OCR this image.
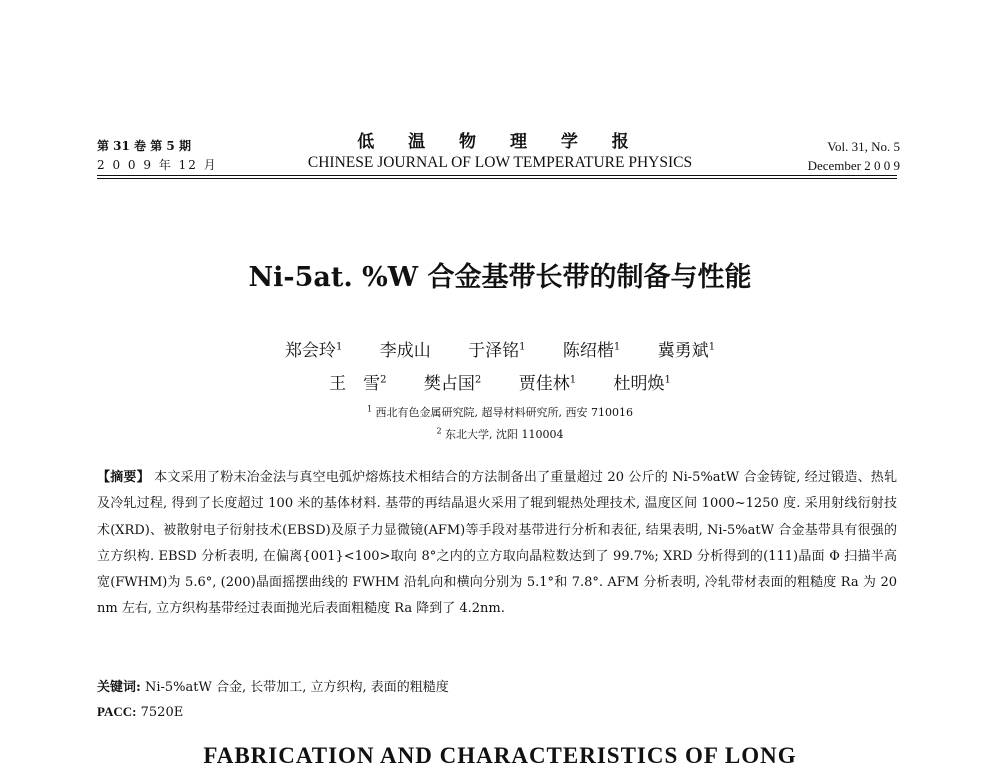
第 31 卷 第 5 期
2 0 0 9 年 12 月
低 温 物 理 学 报
CHINESE JOURNAL OF LOW TEMPERATURE PHYSICS
Vol. 31, No. 5
December 2 0 0 9
Ni-5at. %W 合金基带长带的制备与性能
郑会玲$^1$ 李成山 于泽铭$^1$ 陈绍楷$^1$ 冀勇斌$^1$
王　雪$^2$ 樊占国$^2$ 贾佳林$^1$ 杜明焕$^1$
$^1$ 西北有色金属研究院, 超导材料研究所, 西安 710016
$^2$ 东北大学, 沈阳 110004
【摘要】 本文采用了粉末冶金法与真空电弧炉熔炼技术相结合的方法制备出了重量超过 20 公斤的 Ni-5%atW 合金铸锭, 经过锻造、热轧及冷轧过程, 得到了长度超过 100 米的基体材料. 基带的再结晶退火采用了辊到辊热处理技术, 温度区间 1000~1250 度. 采用射线衍射技术(XRD)、被散射电子衍射技术(EBSD)及原子力显微镜(AFM)等手段对基带进行分析和表征, 结果表明, Ni-5%atW 合金基带具有很强的立方织构. EBSD 分析表明, 在偏离{001}<100>取向 8°之内的立方取向晶粒数达到了 99.7%; XRD 分析得到的(111)晶面 Φ 扫描半高宽(FWHM)为 5.6°, (200)晶面摇摆曲线的 FWHM 沿轧向和横向分别为 5.1°和 7.8°. AFM 分析表明, 冷轧带材表面的粗糙度 Ra 为 20 nm 左右, 立方织构基带经过表面抛光后表面粗糙度 Ra 降到了 4.2nm.
关键词: Ni-5%atW 合金, 长带加工, 立方织构, 表面的粗糙度
PACC: 7520E
FABRICATION AND CHARACTERISTICS OF LONG
